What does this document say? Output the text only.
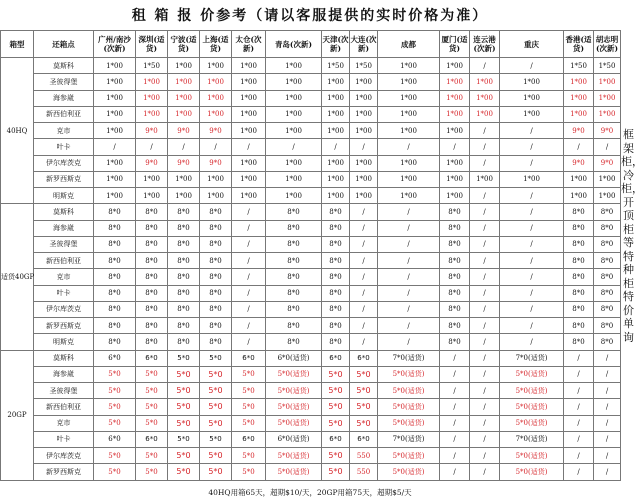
租 箱 报 价参考（请以客服提供的实时价格为准）
箱型	还箱点	广州/南沙(次新)	深圳(适货)	宁波(适货)	上海(适货)	太仓(次新)	青岛(次新)	天津(次新)	大连(次新)	成都	厦门(适货)	连云港(次新)	重庆	香港(适货)	胡志明(次新)
40HQ	莫斯科	1*00	1*50	1*00	1*00	1*00	1*00	1*50	1*50	1*00	1*00	/	/	1*50	1*50
	圣彼得堡	1*00	1*00	1*00	1*00	1*00	1*00	1*00	1*00	1*00	1*00	1*00	1*00	1*00	1*00
	海参崴	1*00	1*00	1*00	1*00	1*00	1*00	1*00	1*00	1*00	1*00	1*00	1*00	1*00	1*00
	新西伯利亚	1*00	1*00	1*00	1*00	1*00	1*00	1*00	1*00	1*00	1*00	1*00	1*00	1*00	1*00
	克市	1*00	9*0	9*0	9*0	1*00	1*00	1*00	1*00	1*00	1*00	/	/	9*0	9*0
	叶卡	/	/	/	/	/	/	/	/	/	/	/	/	/	/
	伊尔库茨克	1*00	9*0	9*0	9*0	1*00	1*00	1*00	1*00	1*00	1*00	/	/	9*0	9*0
	新罗西斯克	1*00	1*00	1*00	1*00	1*00	1*00	1*00	1*00	1*00	1*00	1*00	1*00	1*00	1*00
	明斯克	1*00	1*00	1*00	1*00	1*00	1*00	1*00	1*00	1*00	1*00	/	/	1*00	1*00
适货40GP	莫斯科	8*0	8*0	8*0	8*0	/	8*0	8*0	/	/	8*0	/	/	8*0	8*0
	海参崴	8*0	8*0	8*0	8*0	/	8*0	8*0	/	/	8*0	/	/	8*0	8*0
	圣彼得堡	8*0	8*0	8*0	8*0	/	8*0	8*0	/	/	8*0	/	/	8*0	8*0
	新西伯利亚	8*0	8*0	8*0	8*0	/	8*0	8*0	/	/	8*0	/	/	8*0	8*0
	克市	8*0	8*0	8*0	8*0	/	8*0	8*0	/	/	8*0	/	/	8*0	8*0
	叶卡	8*0	8*0	8*0	8*0	/	8*0	8*0	/	/	8*0	/	/	8*0	8*0
	伊尔库茨克	8*0	8*0	8*0	8*0	/	8*0	8*0	/	/	8*0	/	/	8*0	8*0
	新罗西斯克	8*0	8*0	8*0	8*0	/	8*0	8*0	/	/	8*0	/	/	8*0	8*0
	明斯克	8*0	8*0	8*0	8*0	/	8*0	8*0	/	/	8*0	/	/	8*0	8*0
20GP	莫斯科	6*0	6*0	5*0	5*0	6*0	6*0(适货)	6*0	6*0	7*0(适货)	/	/	7*0(适货)	/	/
	海参崴	5*0	5*0	5*0	5*0	5*0	5*0(适货)	5*0	5*0	5*0(适货)	/	/	5*0(适货)	/	/
	圣彼得堡	5*0	5*0	5*0	5*0	5*0	5*0(适货)	5*0	5*0	5*0(适货)	/	/	5*0(适货)	/	/
	新西伯利亚	5*0	5*0	5*0	5*0	5*0	5*0(适货)	5*0	5*0	5*0(适货)	/	/	5*0(适货)	/	/
	克市	5*0	5*0	5*0	5*0	5*0	5*0(适货)	5*0	5*0	5*0(适货)	/	/	5*0(适货)	/	/
	叶卡	6*0	6*0	5*0	5*0	6*0	6*0(适货)	6*0	6*0	7*0(适货)	/	/	7*0(适货)	/	/
	伊尔库茨克	5*0	5*0	5*0	5*0	5*0	5*0(适货)	5*0	550	5*0(适货)	/	/	5*0(适货)	/	/
	新罗西斯克	5*0	5*0	5*0	5*0	5*0	5*0(适货)	5*0	550	5*0(适货)	/	/	5*0(适货)	/	/
框架柜，冷柜，开顶柜等特种柜特价单询
40HQ用箱65天，超期$10/天，20GP用箱75天，超期$5/天
